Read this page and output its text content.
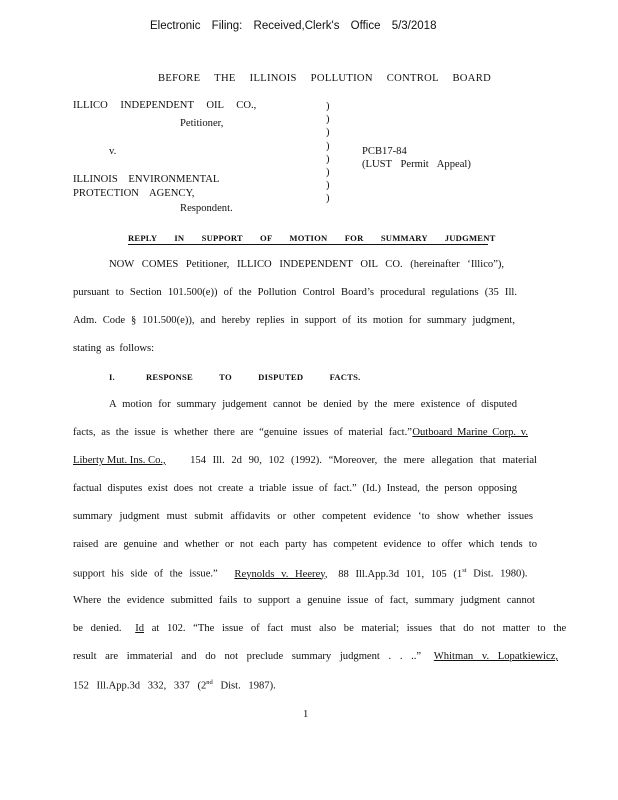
Electronic Filing: Received,Clerk's Office 5/3/2018
BEFORE THE ILLINOIS POLLUTION CONTROL BOARD
ILLICO INDEPENDENT OIL CO.,
Petitioner,
v.
ILLINOIS ENVIRONMENTAL
PROTECTION AGENCY,
Respondent.
)
)
)
)
)
)
)
)
PCB17-84
(LUST Permit Appeal)
REPLY IN SUPPORT OF MOTION FOR SUMMARY JUDGMENT
NOW COMES Petitioner, ILLICO INDEPENDENT OIL CO. (hereinafter ‘Illico”),
pursuant to Section 101.500(e)) of the Pollution Control Board’s procedural regulations (35 Ill.
Adm. Code § 101.500(e)), and hereby replies in support of its motion for summary judgment,
stating as follows:
I.	RESPONSE TO DISPUTED FACTS.
A motion for summary judgement cannot be denied by the mere existence of disputed
facts, as the issue is whether there are “genuine issues of material fact.” Outboard Marine Corp. v.
Liberty Mut. Ins. Co., 154 Ill. 2d 90, 102 (1992). “Moreover, the mere allegation that material
factual disputes exist does not create a triable issue of fact.” (Id.) Instead, the person opposing
summary judgment must submit affidavits or other competent evidence ‘to show whether issues
raised are genuine and whether or not each party has competent evidence to offer which tends to
support his side of the issue.” Reynolds v. Heerey, 88 Ill.App.3d 101, 105 (1st Dist. 1980).
Where the evidence submitted fails to support a genuine issue of fact, summary judgment cannot
be denied. Id at 102. “The issue of fact must also be material; issues that do not matter to the
result are immaterial and do not preclude summary judgment . . ..” Whitman v. Lopatkiewicz,
152 Ill.App.3d 332, 337 (2nd Dist. 1987).
1
